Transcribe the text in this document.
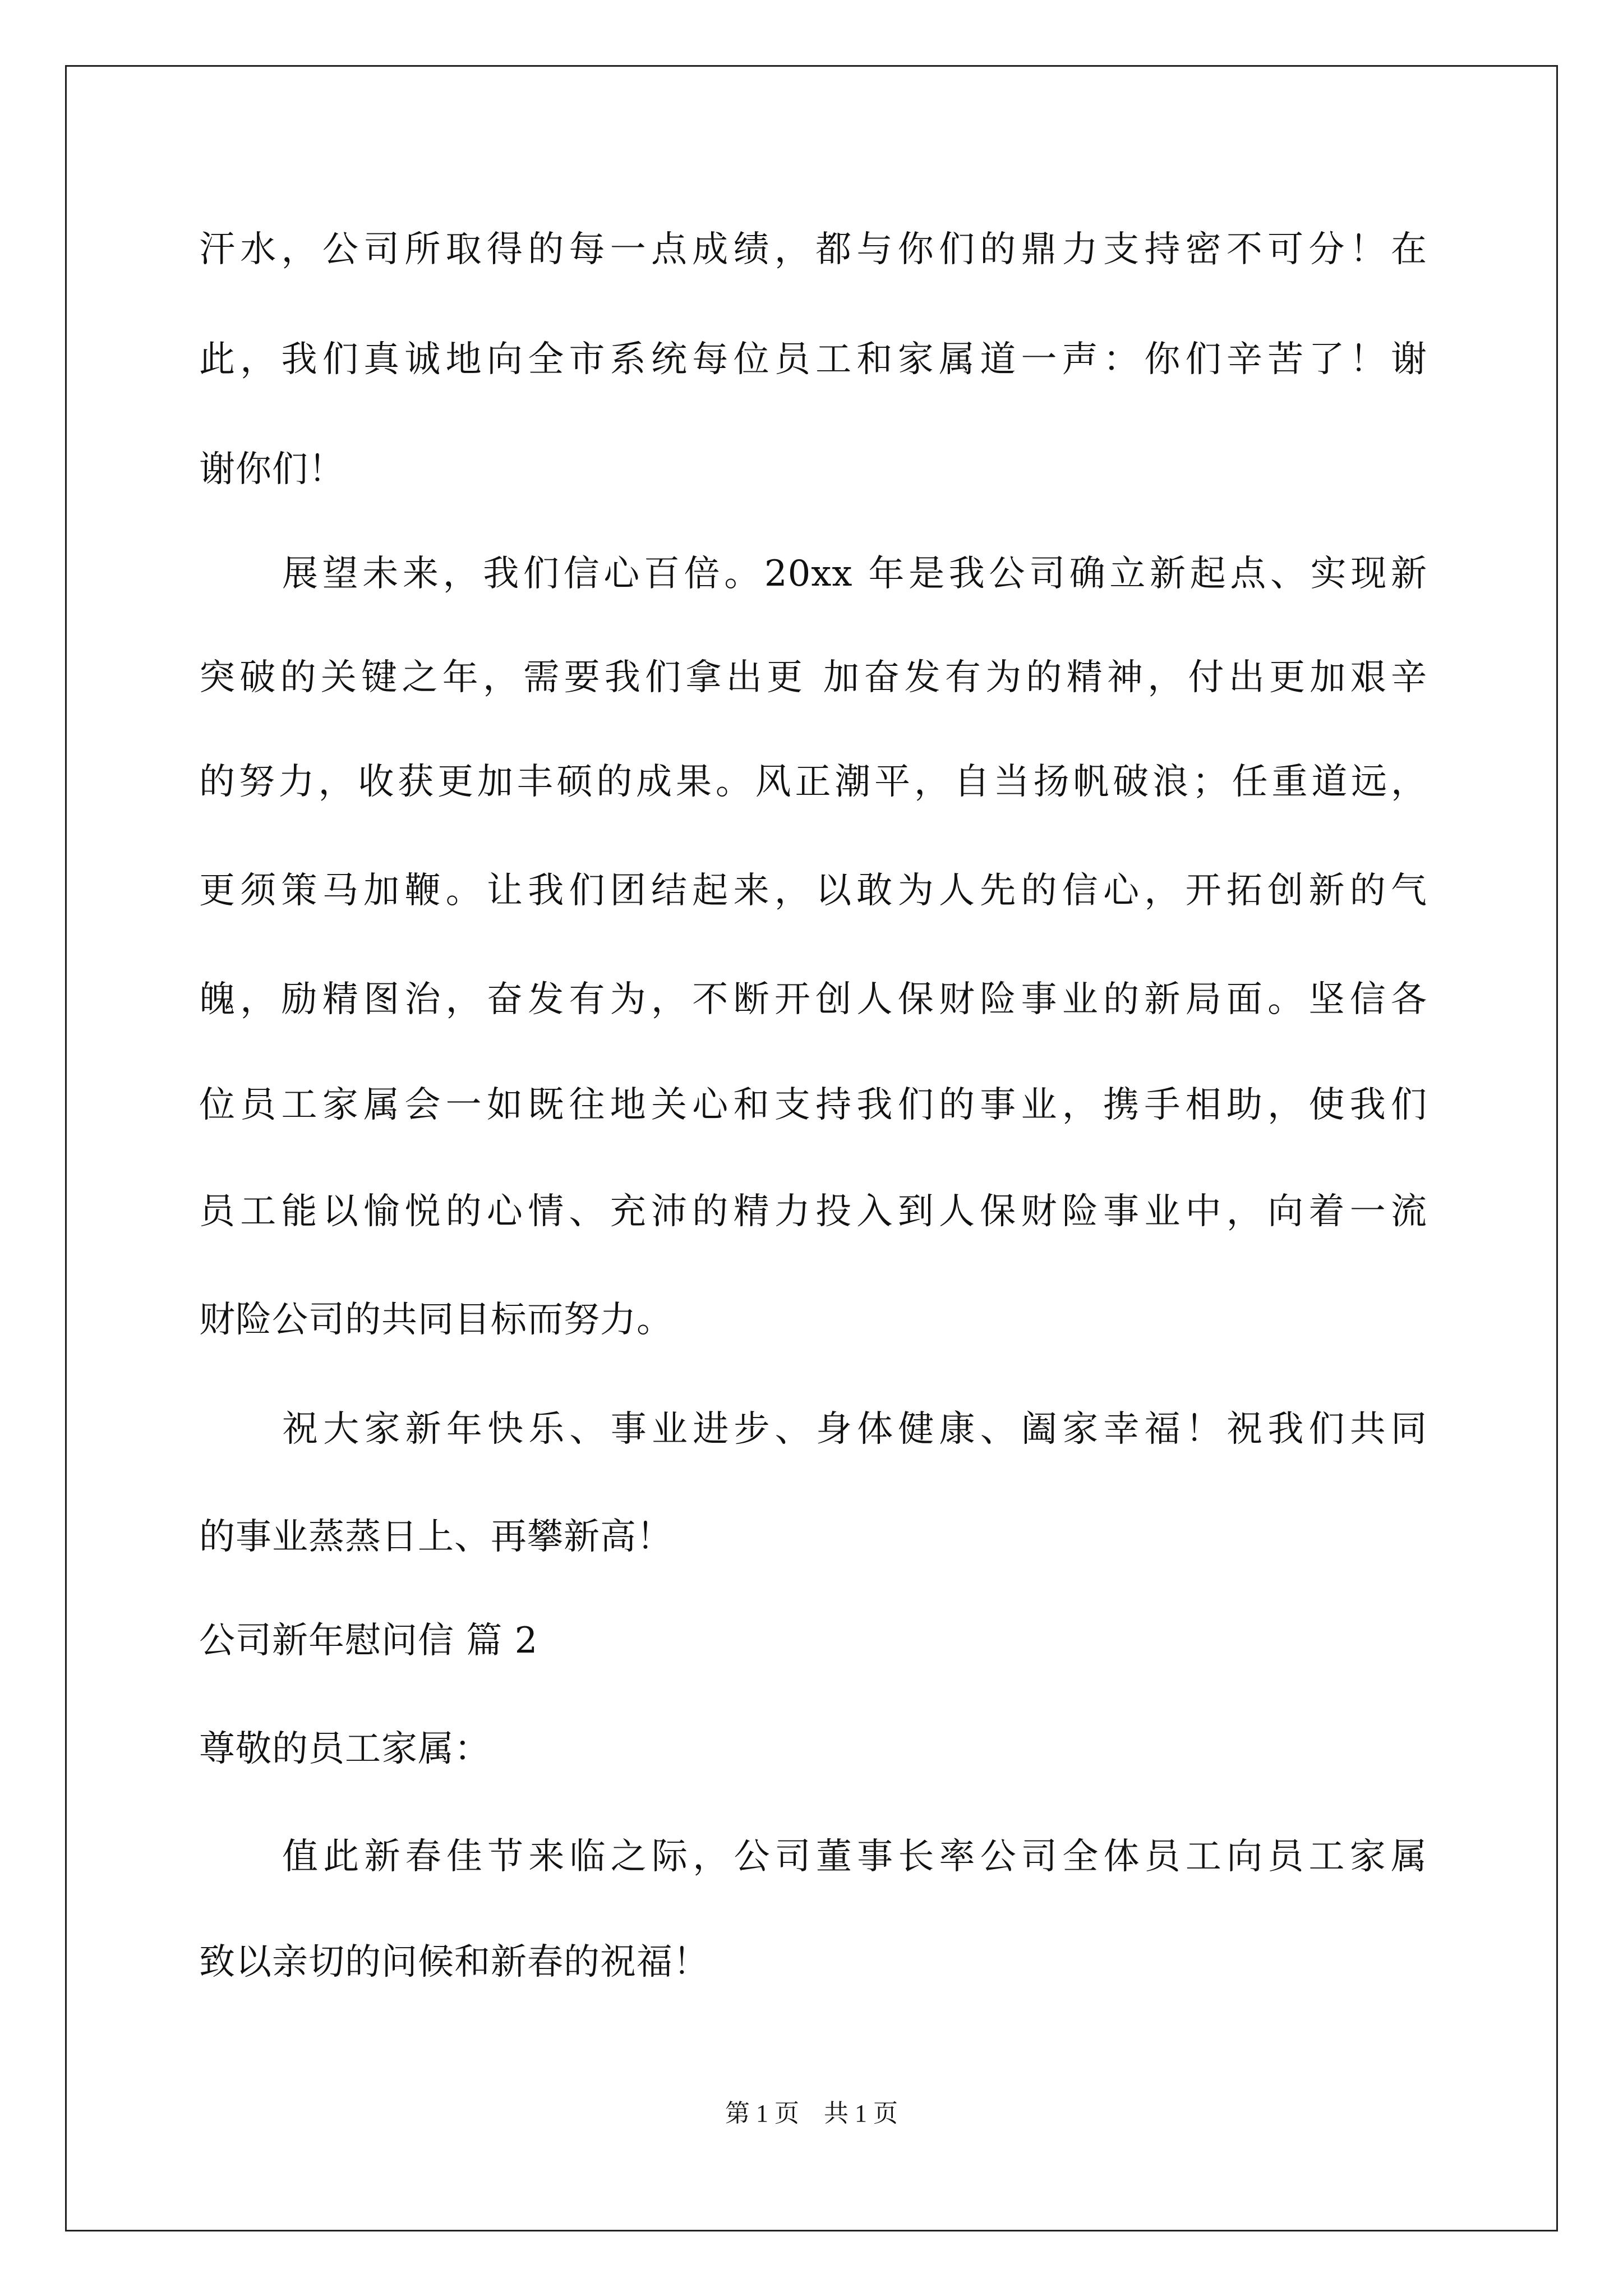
汗水，公司所取得的每一点成绩，都与你们的鼎力支持密不可分！在
此，我们真诚地向全市系统每位员工和家属道一声：你们辛苦了！谢
谢你们！
展望未来，我们信心百倍。20xx 年是我公司确立新起点、实现新
突破的关键之年，需要我们拿出更 加奋发有为的精神，付出更加艰辛
的努力，收获更加丰硕的成果。风正潮平，自当扬帆破浪；任重道远，
更须策马加鞭。让我们团结起来，以敢为人先的信心，开拓创新的气
魄，励精图治，奋发有为，不断开创人保财险事业的新局面。坚信各
位员工家属会一如既往地关心和支持我们的事业，携手相助，使我们
员工能以愉悦的心情、充沛的精力投入到人保财险事业中，向着一流
财险公司的共同目标而努力。
祝大家新年快乐、事业进步、身体健康、阖家幸福！祝我们共同
的事业蒸蒸日上、再攀新高！
公司新年慰问信 篇 2
尊敬的员工家属：
值此新春佳节来临之际，公司董事长率公司全体员工向员工家属
致以亲切的问候和新春的祝福！
第 1 页　共 1 页
